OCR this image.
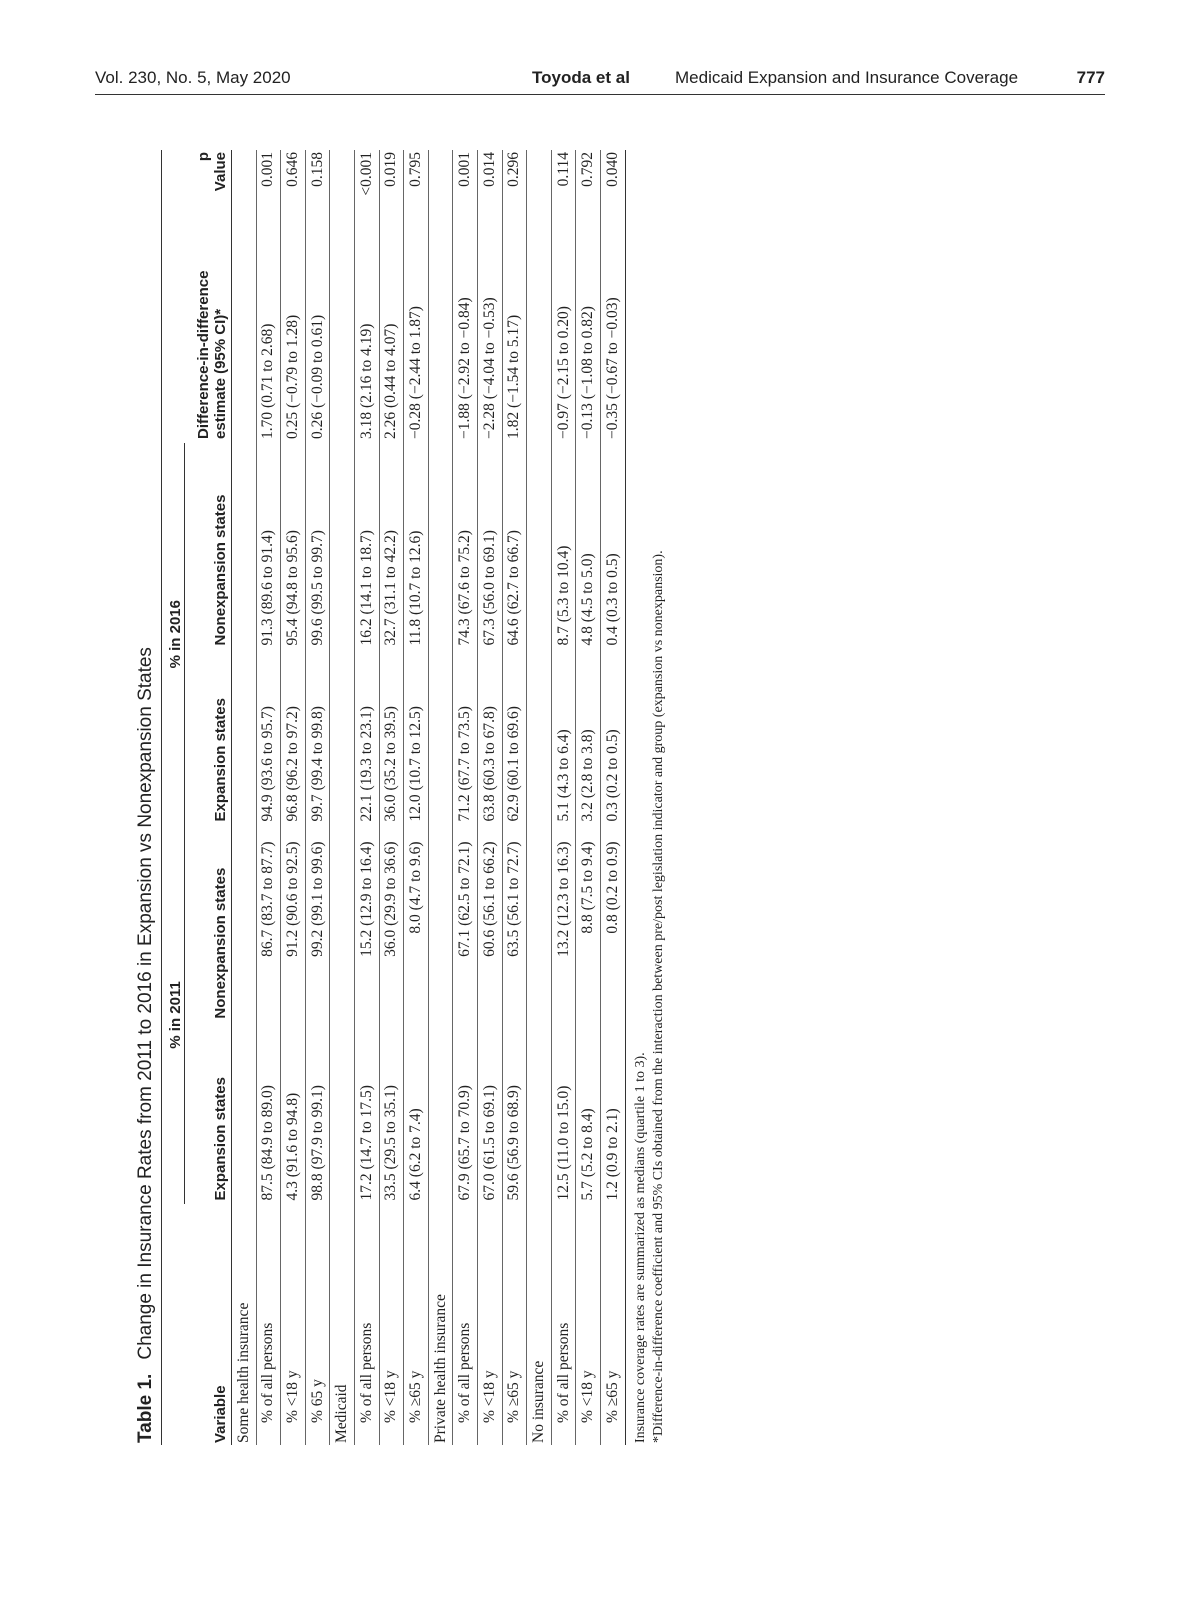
Vol. 230, No. 5, May 2020	Toyoda et al	Medicaid Expansion and Insurance Coverage	777
Table 1.Change in Insurance Rates from 2011 to 2016 in Expansion vs Nonexpansion States
	% in 2011		% in 2016			
Variable	Expansion states	Nonexpansion states	Expansion states	Nonexpansion states	Difference-in-difference estimate (95% CI)*	p Value
Some health insurance						
% of all persons	87.5 (84.9 to 89.0)	86.7 (83.7 to 87.7)	94.9 (93.6 to 95.7)	91.3 (89.6 to 91.4)	1.70 (0.71 to 2.68)	0.001
% <18 y	4.3 (91.6 to 94.8)	91.2 (90.6 to 92.5)	96.8 (96.2 to 97.2)	95.4 (94.8 to 95.6)	0.25 (−0.79 to 1.28)	0.646
% 65 y	98.8 (97.9 to 99.1)	99.2 (99.1 to 99.6)	99.7 (99.4 to 99.8)	99.6 (99.5 to 99.7)	0.26 (−0.09 to 0.61)	0.158
Medicaid						
% of all persons	17.2 (14.7 to 17.5)	15.2 (12.9 to 16.4)	22.1 (19.3 to 23.1)	16.2 (14.1 to 18.7)	3.18 (2.16 to 4.19)	<0.001
% <18 y	33.5 (29.5 to 35.1)	36.0 (29.9 to 36.6)	36.0 (35.2 to 39.5)	32.7 (31.1 to 42.2)	2.26 (0.44 to 4.07)	0.019
% ≥65 y	6.4 (6.2 to 7.4)	8.0 (4.7 to 9.6)	12.0 (10.7 to 12.5)	11.8 (10.7 to 12.6)	−0.28 (−2.44 to 1.87)	0.795
Private health insurance						
% of all persons	67.9 (65.7 to 70.9)	67.1 (62.5 to 72.1)	71.2 (67.7 to 73.5)	74.3 (67.6 to 75.2)	−1.88 (−2.92 to −0.84)	0.001
% <18 y	67.0 (61.5 to 69.1)	60.6 (56.1 to 66.2)	63.8 (60.3 to 67.8)	67.3 (56.0 to 69.1)	−2.28 (−4.04 to −0.53)	0.014
% ≥65 y	59.6 (56.9 to 68.9)	63.5 (56.1 to 72.7)	62.9 (60.1 to 69.6)	64.6 (62.7 to 66.7)	1.82 (−1.54 to 5.17)	0.296
No insurance						
% of all persons	12.5 (11.0 to 15.0)	13.2 (12.3 to 16.3)	5.1 (4.3 to 6.4)	8.7 (5.3 to 10.4)	−0.97 (−2.15 to 0.20)	0.114
% <18 y	5.7 (5.2 to 8.4)	8.8 (7.5 to 9.4)	3.2 (2.8 to 3.8)	4.8 (4.5 to 5.0)	−0.13 (−1.08 to 0.82)	0.792
% ≥65 y	1.2 (0.9 to 2.1)	0.8 (0.2 to 0.9)	0.3 (0.2 to 0.5)	0.4 (0.3 to 0.5)	−0.35 (−0.67 to −0.03)	0.040
Insurance coverage rates are summarized as medians (quartile 1 to 3). *Difference-in-difference coefficient and 95% CIs obtained from the interaction between pre/post legislation indicator and group (expansion vs nonexpansion).
